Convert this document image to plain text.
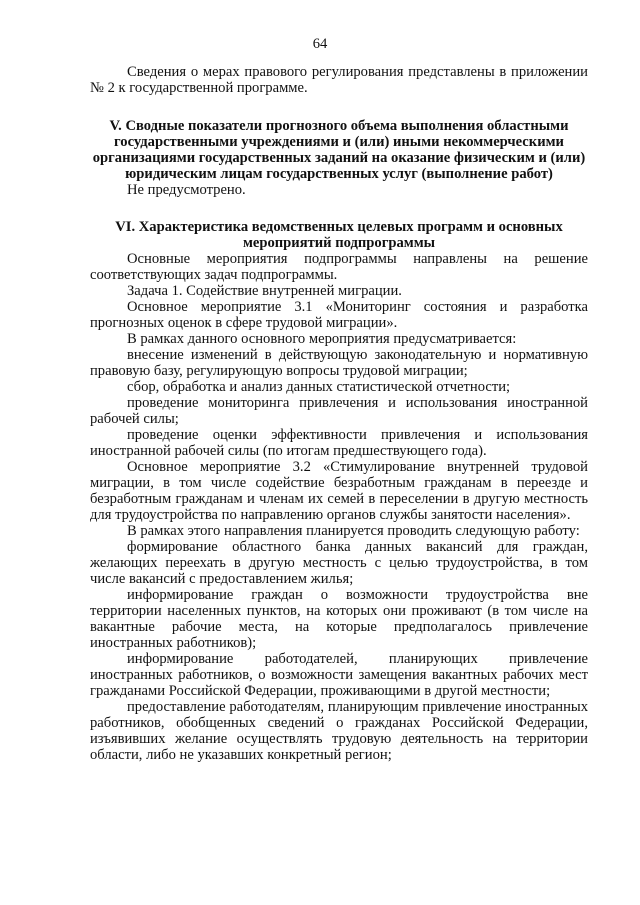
64

Сведения о мерах правового регулирования представлены в приложении № 2 к государственной программе.

V. Сводные показатели прогнозного объема выполнения областными государственными учреждениями и (или) иными некоммерческими организациями государственных заданий на оказание физическим и (или) юридическим лицам государственных услуг (выполнение работ)

Не предусмотрено.

VI. Характеристика ведомственных целевых программ и основных мероприятий подпрограммы

Основные мероприятия подпрограммы направлены на решение соответствующих задач подпрограммы.

Задача 1. Содействие внутренней миграции.

Основное мероприятие 3.1 «Мониторинг состояния и разработка прогнозных оценок в сфере трудовой миграции».

В рамках данного основного мероприятия предусматривается:

внесение изменений в действующую законодательную и нормативную правовую базу, регулирующую вопросы трудовой миграции;

сбор, обработка и анализ данных статистической отчетности;

проведение мониторинга привлечения и использования иностранной рабочей силы;

проведение оценки эффективности привлечения и использования иностранной рабочей силы (по итогам предшествующего года).

Основное мероприятие 3.2 «Стимулирование внутренней трудовой миграции, в том числе содействие безработным гражданам в переезде и безработным гражданам и членам их семей в переселении в другую местность для трудоустройства по направлению органов службы занятости населения».

В рамках этого направления планируется проводить следующую работу:

формирование областного банка данных вакансий для граждан, желающих переехать в другую местность с целью трудоустройства, в том числе вакансий с предоставлением жилья;

информирование граждан о возможности трудоустройства вне территории населенных пунктов, на которых они проживают (в том числе на вакантные рабочие места, на которые предполагалось привлечение иностранных работников);

информирование работодателей, планирующих привлечение иностранных работников, о возможности замещения вакантных рабочих мест гражданами Российской Федерации, проживающими в другой местности;

предоставление работодателям, планирующим привлечение иностранных работников, обобщенных сведений о гражданах Российской Федерации, изъявивших желание осуществлять трудовую деятельность на территории области, либо не указавших конкретный регион;
